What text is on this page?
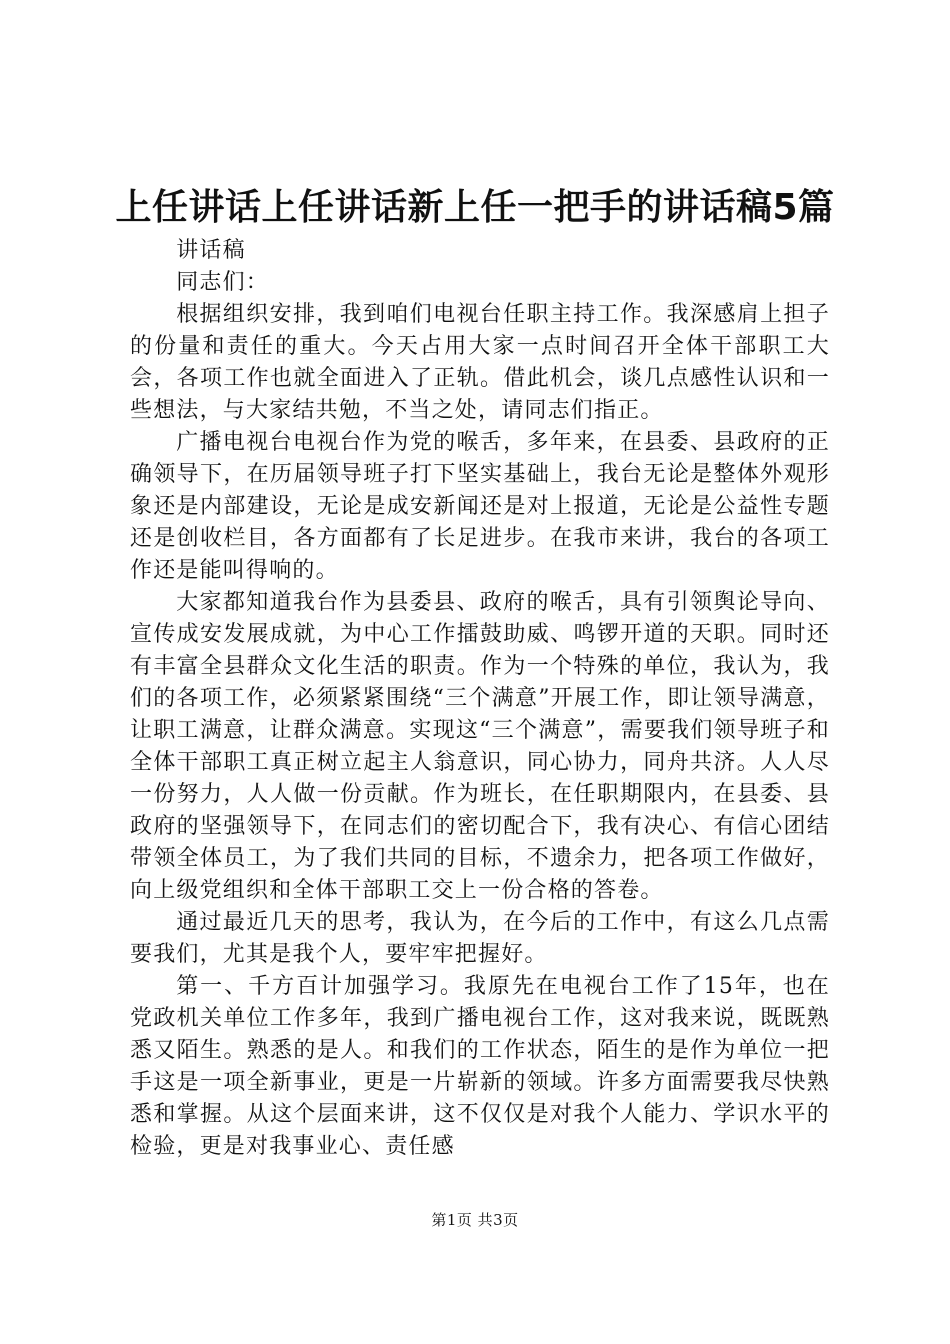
上任讲话上任讲话新上任一把手的讲话稿5篇

讲话稿

同志们：

根据组织安排，我到咱们电视台任职主持工作。我深感肩上担子的份量和责任的重大。今天占用大家一点时间召开全体干部职工大会，各项工作也就全面进入了正轨。借此机会，谈几点感性认识和一些想法，与大家结共勉，不当之处，请同志们指正。

广播电视台电视台作为党的喉舌，多年来，在县委、县政府的正确领导下，在历届领导班子打下坚实基础上，我台无论是整体外观形象还是内部建设，无论是成安新闻还是对上报道，无论是公益性专题还是创收栏目，各方面都有了长足进步。在我市来讲，我台的各项工作还是能叫得响的。

大家都知道我台作为县委县、政府的喉舌，具有引领舆论导向、宣传成安发展成就，为中心工作擂鼓助威、鸣锣开道的天职。同时还有丰富全县群众文化生活的职责。作为一个特殊的单位，我认为，我们的各项工作，必须紧紧围绕“三个满意”开展工作，即让领导满意，让职工满意，让群众满意。实现这“三个满意”，需要我们领导班子和全体干部职工真正树立起主人翁意识，同心协力，同舟共济。人人尽一份努力，人人做一份贡献。作为班长，在任职期限内，在县委、县政府的坚强领导下，在同志们的密切配合下，我有决心、有信心团结带领全体员工，为了我们共同的目标，不遗余力，把各项工作做好，向上级党组织和全体干部职工交上一份合格的答卷。

通过最近几天的思考，我认为，在今后的工作中，有这么几点需要我们，尤其是我个人，要牢牢把握好。

第一、千方百计加强学习。我原先在电视台工作了15年，也在党政机关单位工作多年，我到广播电视台工作，这对我来说，既既熟悉又陌生。熟悉的是人。和我们的工作状态，陌生的是作为单位一把手这是一项全新事业，更是一片崭新的领域。许多方面需要我尽快熟悉和掌握。从这个层面来讲，这不仅仅是对我个人能力、学识水平的检验，更是对我事业心、责任感

第1页 共3页
